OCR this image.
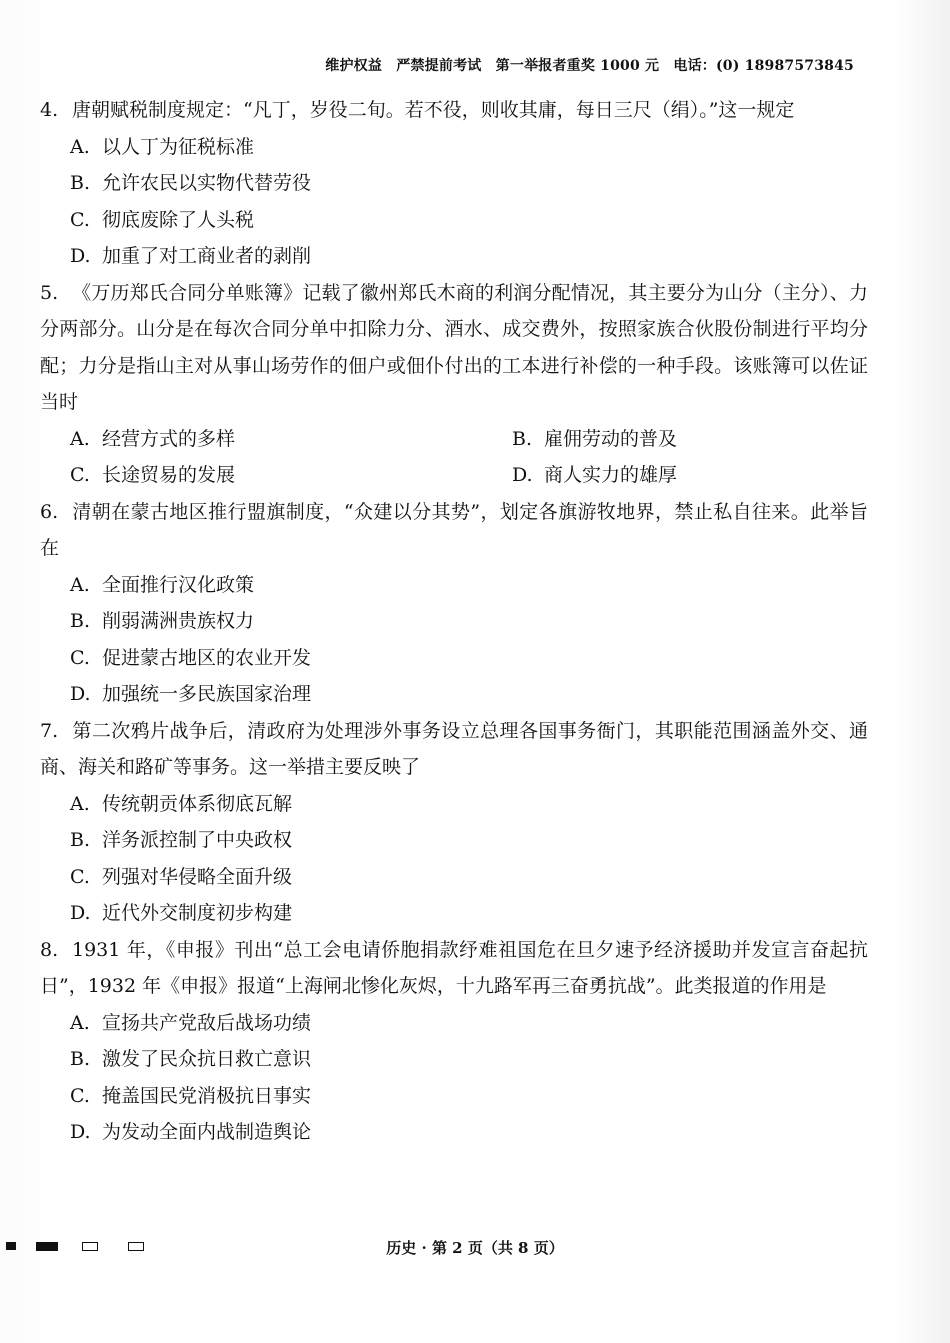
维护权益　严禁提前考试　第一举报者重奖 1000 元　电话：(0) 18987573845
4. 唐朝赋税制度规定：“凡丁，岁役二旬。若不役，则收其庸，每日三尺（绢）。”这一规定
A. 以人丁为征税标准
B. 允许农民以实物代替劳役
C. 彻底废除了人头税
D. 加重了对工商业者的剥削
5. 《万历郑氏合同分单账簿》记载了徽州郑氏木商的利润分配情况，其主要分为山分（主分）、力分两部分。山分是在每次合同分单中扣除力分、酒水、成交费外，按照家族合伙股份制进行平均分配；力分是指山主对从事山场劳作的佃户或佃仆付出的工本进行补偿的一种手段。该账簿可以佐证当时
A. 经营方式的多样	B. 雇佣劳动的普及
C. 长途贸易的发展	D. 商人实力的雄厚
6. 清朝在蒙古地区推行盟旗制度，“众建以分其势”，划定各旗游牧地界，禁止私自往来。此举旨在
A. 全面推行汉化政策
B. 削弱满洲贵族权力
C. 促进蒙古地区的农业开发
D. 加强统一多民族国家治理
7. 第二次鸦片战争后，清政府为处理涉外事务设立总理各国事务衙门，其职能范围涵盖外交、通商、海关和路矿等事务。这一举措主要反映了
A. 传统朝贡体系彻底瓦解
B. 洋务派控制了中央政权
C. 列强对华侵略全面升级
D. 近代外交制度初步构建
8. 1931 年，《申报》刊出“总工会电请侨胞捐款纾难祖国危在旦夕速予经济援助并发宣言奋起抗日”，1932 年《申报》报道“上海闸北惨化灰烬，十九路军再三奋勇抗战”。此类报道的作用是
A. 宣扬共产党敌后战场功绩
B. 激发了民众抗日救亡意识
C. 掩盖国民党消极抗日事实
D. 为发动全面内战制造舆论
历史 · 第 2 页（共 8 页）
